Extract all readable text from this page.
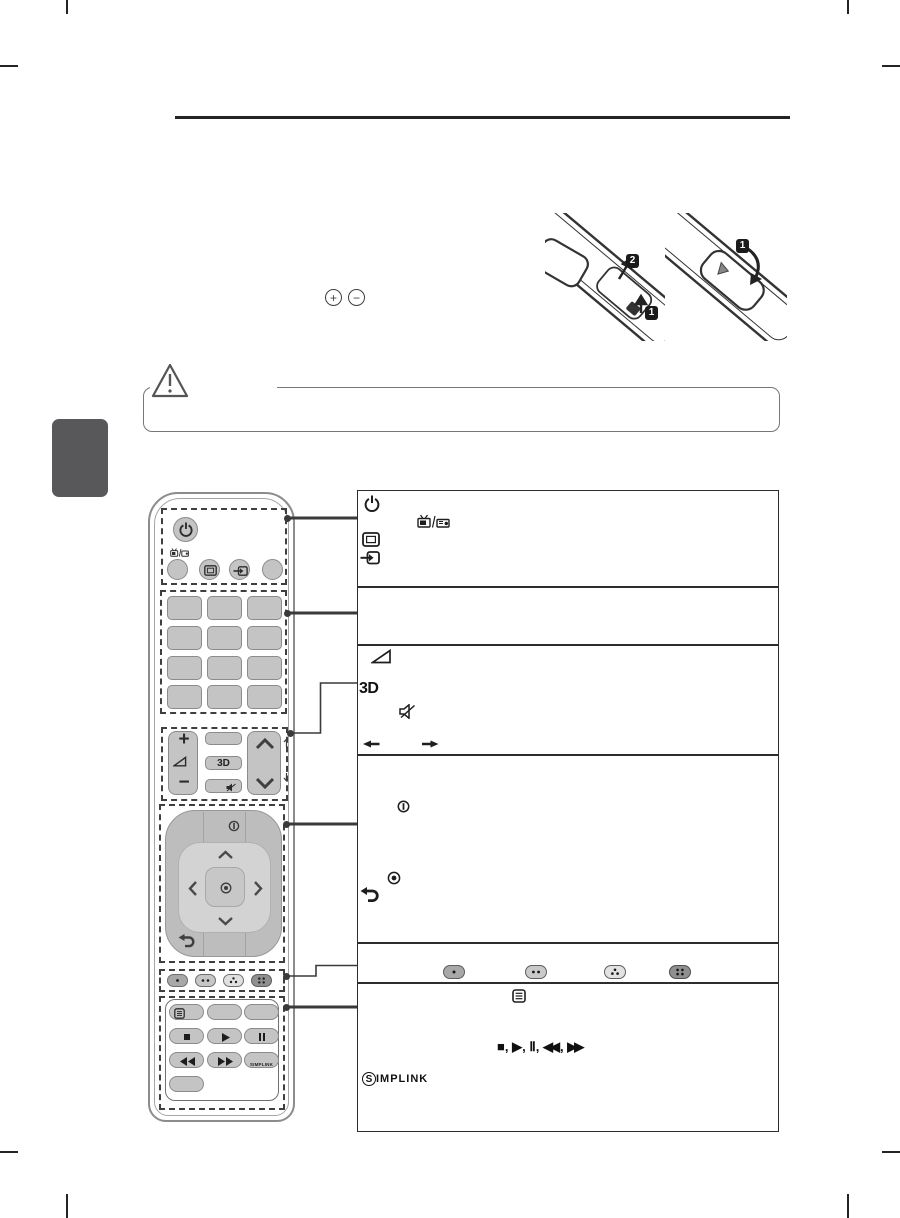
+	−
2
1
1
+
−
3D
SIMPLINK
3D
■, ▶, Ⅱ, ◀◀ , ▶▶
S IMPLINK
